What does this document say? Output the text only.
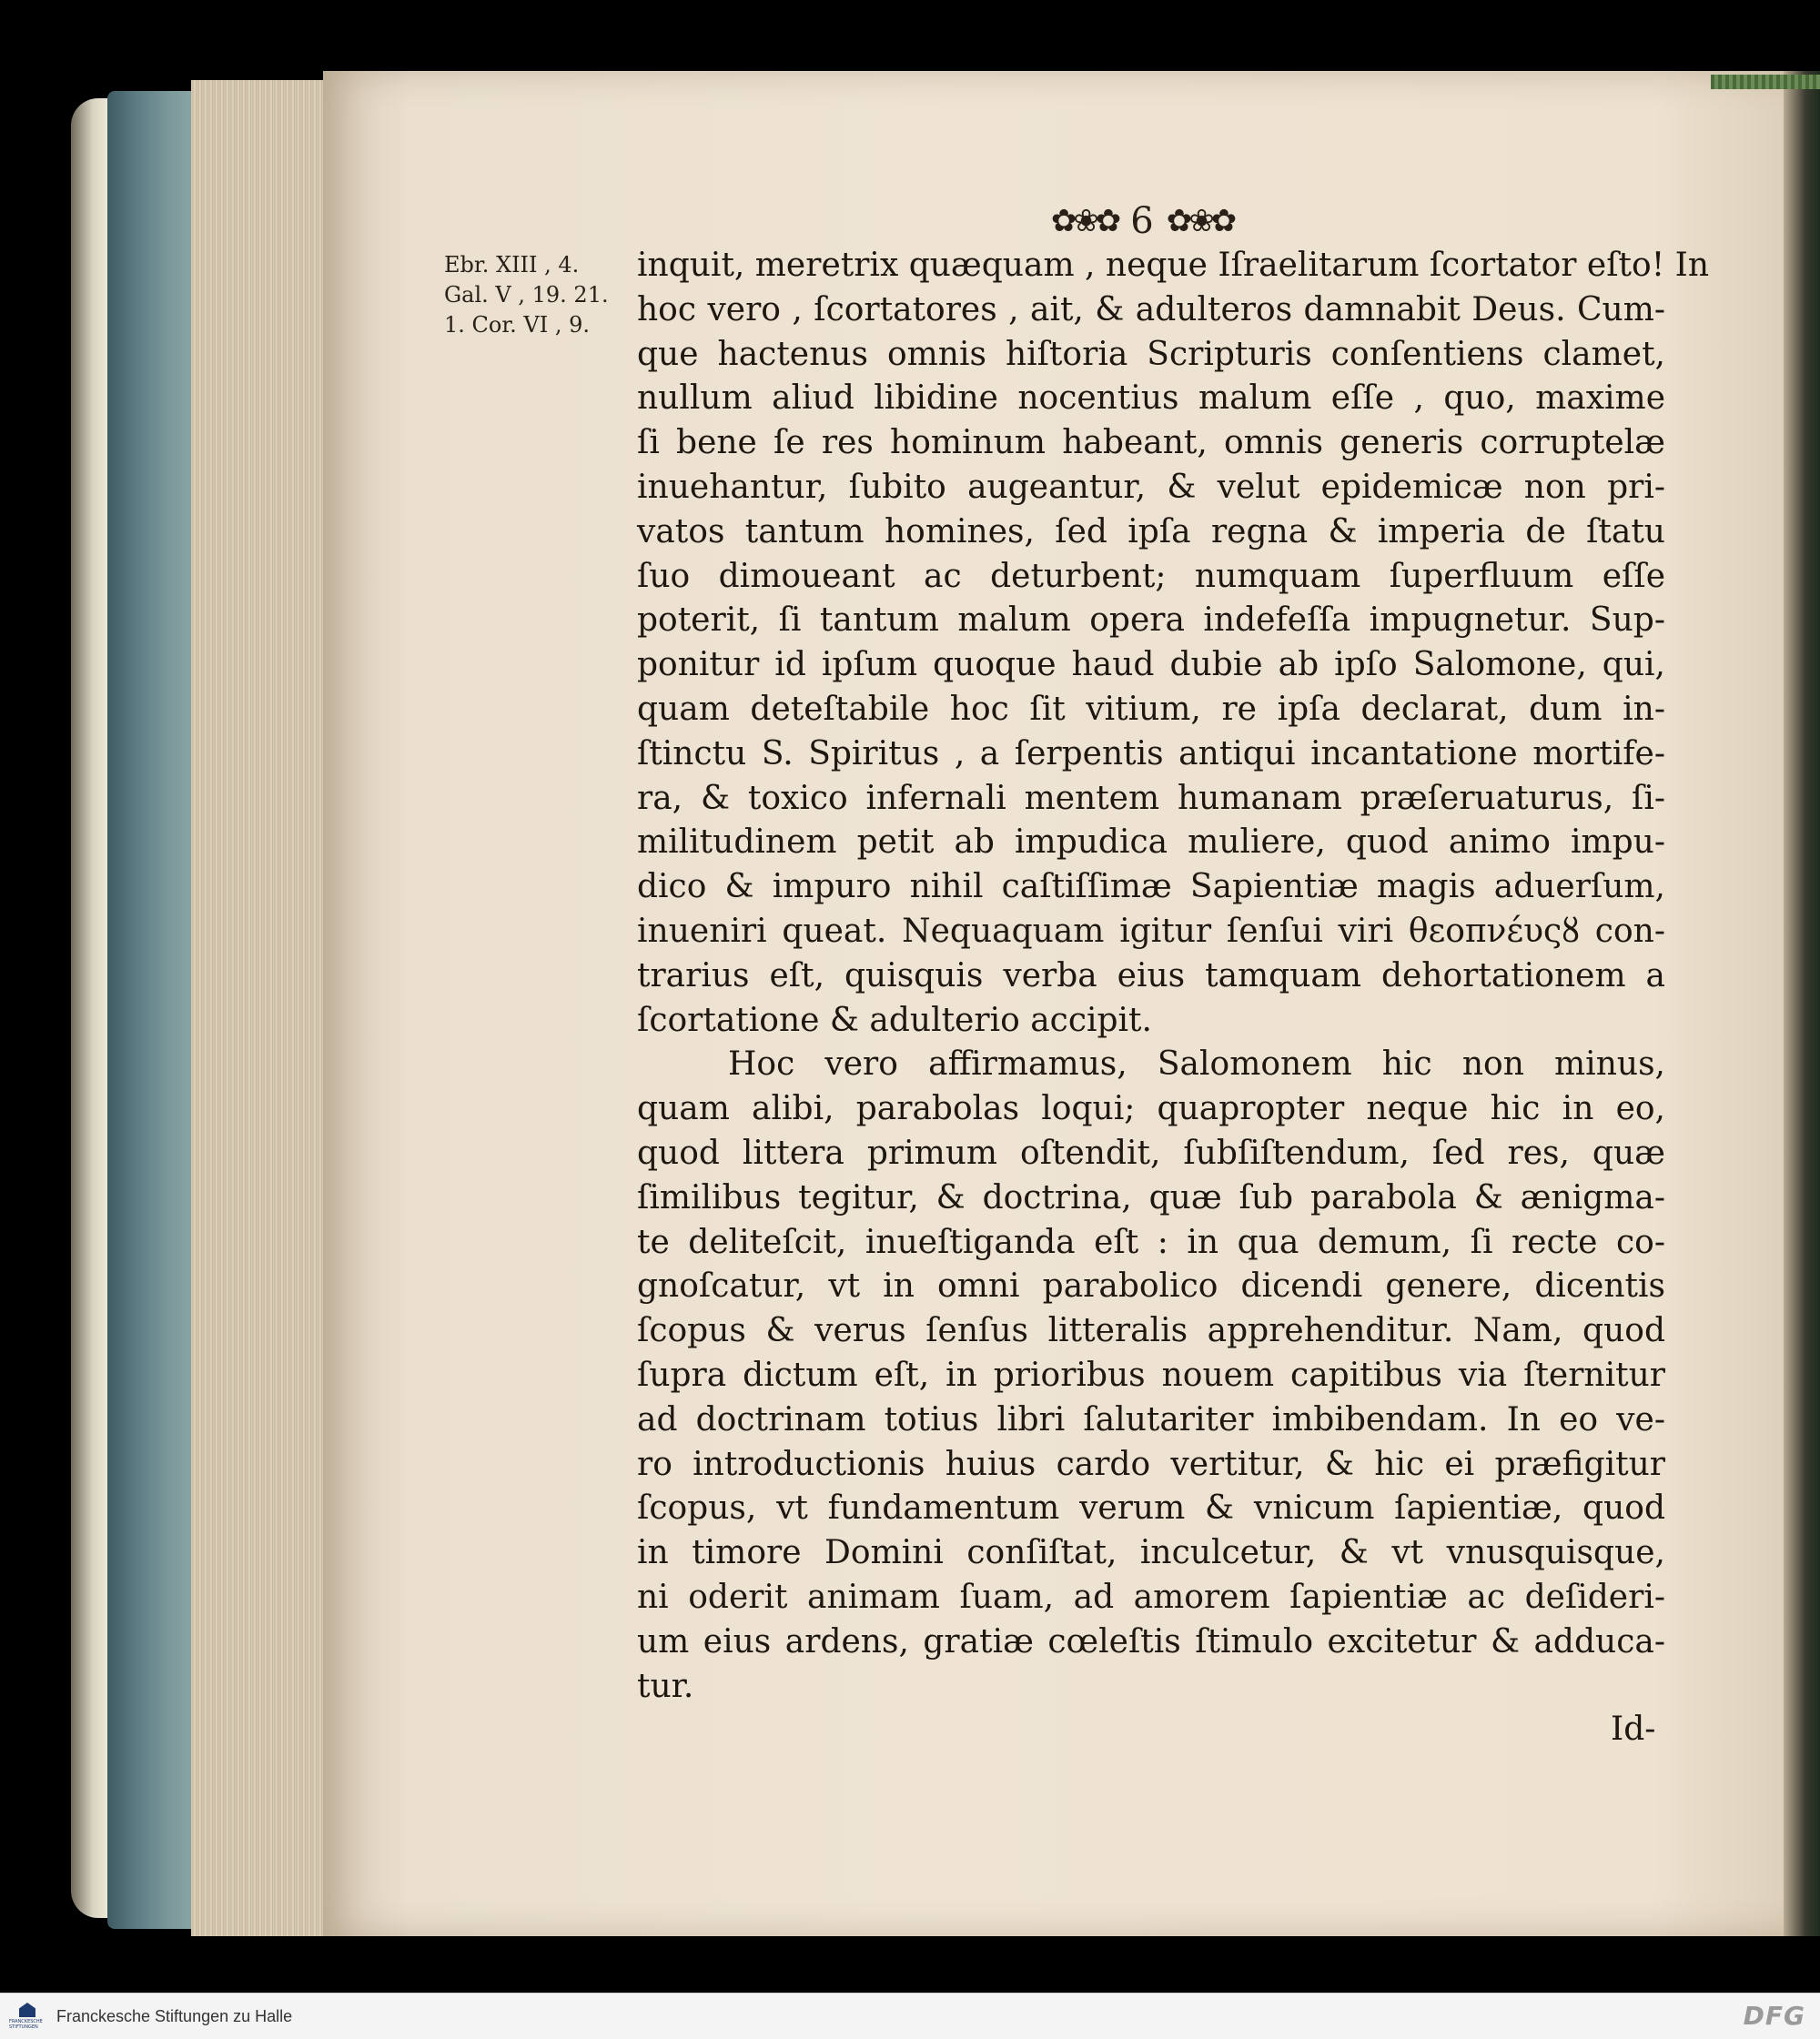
✿❀✿ 6 ✿❀✿
Ebr. XIII , 4.
Gal. V , 19. 21.
1. Cor. VI , 9.
inquit, meretrix quæquam , neque Iſraelitarum ſcortator eſto! In
hoc vero , ſcortatores , ait, & adulteros damnabit Deus. Cum-
que hactenus omnis hiſtoria Scripturis conſentiens clamet,
nullum aliud libidine nocentius malum eſſe , quo, maxime
ſi bene ſe res hominum habeant, omnis generis corruptelæ
inuehantur, ſubito augeantur, & velut epidemicæ non pri-
vatos tantum homines, ſed ipſa regna & imperia de ſtatu
ſuo dimoueant ac deturbent; numquam ſuperfluum eſſe
poterit, ſi tantum malum opera indefeſſa impugnetur. Sup-
ponitur id ipſum quoque haud dubie ab ipſo Salomone, qui,
quam deteſtabile hoc ſit vitium, re ipſa declarat, dum in-
ſtinctu S. Spiritus , a ſerpentis antiqui incantatione mortife-
ra, & toxico infernali mentem humanam præſeruaturus, ſi-
militudinem petit ab impudica muliere, quod animo impu-
dico & impuro nihil caſtiſſimæ Sapientiæ magis aduerſum,
inueniri queat. Nequaquam igitur ſenſui viri θεοπνέυςȣ con-
trarius eſt, quisquis verba eius tamquam dehortationem a
ſcortatione & adulterio accipit.
Hoc vero affirmamus, Salomonem hic non minus,
quam alibi, parabolas loqui; quapropter neque hic in eo,
quod littera primum oſtendit, ſubſiſtendum, ſed res, quæ
ſimilibus tegitur, & doctrina, quæ ſub parabola & ænigma-
te deliteſcit, inueſtiganda eſt : in qua demum, ſi recte co-
gnoſcatur, vt in omni parabolico dicendi genere, dicentis
ſcopus & verus ſenſus litteralis apprehenditur. Nam, quod
ſupra dictum eſt, in prioribus nouem capitibus via ſternitur
ad doctrinam totius libri ſalutariter imbibendam. In eo ve-
ro introductionis huius cardo vertitur, & hic ei præfigitur
ſcopus, vt fundamentum verum & vnicum ſapientiæ, quod
in timore Domini conſiſtat, inculcetur, & vt vnusquisque,
ni oderit animam ſuam, ad amorem ſapientiæ ac deſideri-
um eius ardens, gratiæ cœleſtis ſtimulo excitetur & adduca-
tur.
Id-
FRANCKESCHE STIFTUNGEN
Franckesche Stiftungen zu Halle	DFG
